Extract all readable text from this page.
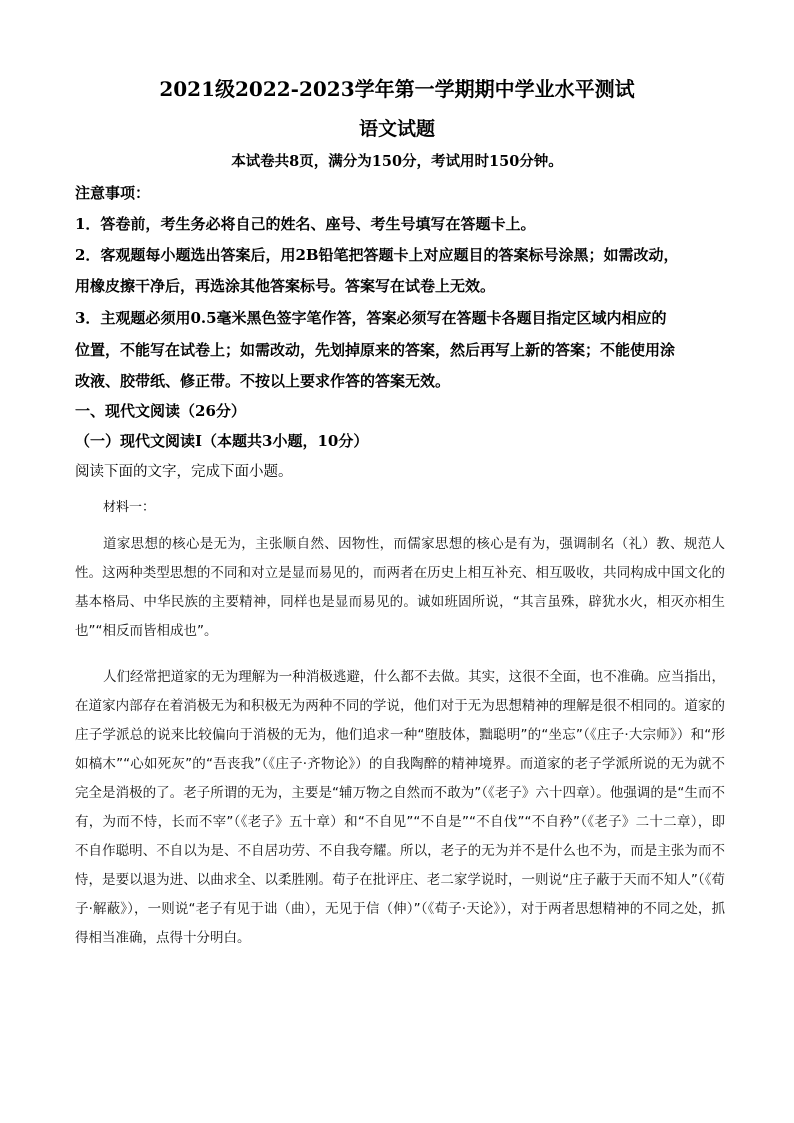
2021级2022-2023学年第一学期期中学业水平测试
语文试题
本试卷共8页，满分为150分，考试用时150分钟。
注意事项：
1．答卷前，考生务必将自己的姓名、座号、考生号填写在答题卡上。
2．客观题每小题选出答案后，用2B铅笔把答题卡上对应题目的答案标号涂黑；如需改动，
用橡皮擦干净后，再选涂其他答案标号。答案写在试卷上无效。
3．主观题必须用0.5毫米黑色签字笔作答，答案必须写在答题卡各题目指定区域内相应的
位置，不能写在试卷上；如需改动，先划掉原来的答案，然后再写上新的答案；不能使用涂
改液、胶带纸、修正带。不按以上要求作答的答案无效。
一、现代文阅读（26分）
（一）现代文阅读Ⅰ（本题共3小题，10分）
阅读下面的文字，完成下面小题。
材料一：

道家思想的核心是无为，主张顺自然、因物性，而儒家思想的核心是有为，强调制名（礼）教、规范人性。这两种类型思想的不同和对立是显而易见的，而两者在历史上相互补充、相互吸收，共同构成中国文化的基本格局、中华民族的主要精神，同样也是显而易见的。诚如班固所说，“其言虽殊，辟犹水火，相灭亦相生也”“相反而皆相成也”。

人们经常把道家的无为理解为一种消极逃避，什么都不去做。其实，这很不全面，也不准确。应当指出，在道家内部存在着消极无为和积极无为两种不同的学说，他们对于无为思想精神的理解是很不相同的。道家的庄子学派总的说来比较偏向于消极的无为，他们追求一种“堕肢体，黜聪明”的“坐忘”（《庄子·大宗师》）和“形如槁木”“心如死灰”的“吾丧我”（《庄子·齐物论》）的自我陶醉的精神境界。而道家的老子学派所说的无为就不完全是消极的了。老子所谓的无为，主要是“辅万物之自然而不敢为”（《老子》六十四章）。他强调的是“生而不有，为而不恃，长而不宰”（《老子》五十章）和“不自见”“不自是”“不自伐”“不自矜”（《老子》二十二章），即不自作聪明、不自以为是、不自居功劳、不自我夸耀。所以，老子的无为并不是什么也不为，而是主张为而不恃，是要以退为进、以曲求全、以柔胜刚。荀子在批评庄、老二家学说时，一则说“庄子蔽于天而不知人”（《荀子·解蔽》），一则说“老子有见于诎（曲），无见于信（伸）”（《荀子·天论》），对于两者思想精神的不同之处，抓得相当准确，点得十分明白。
